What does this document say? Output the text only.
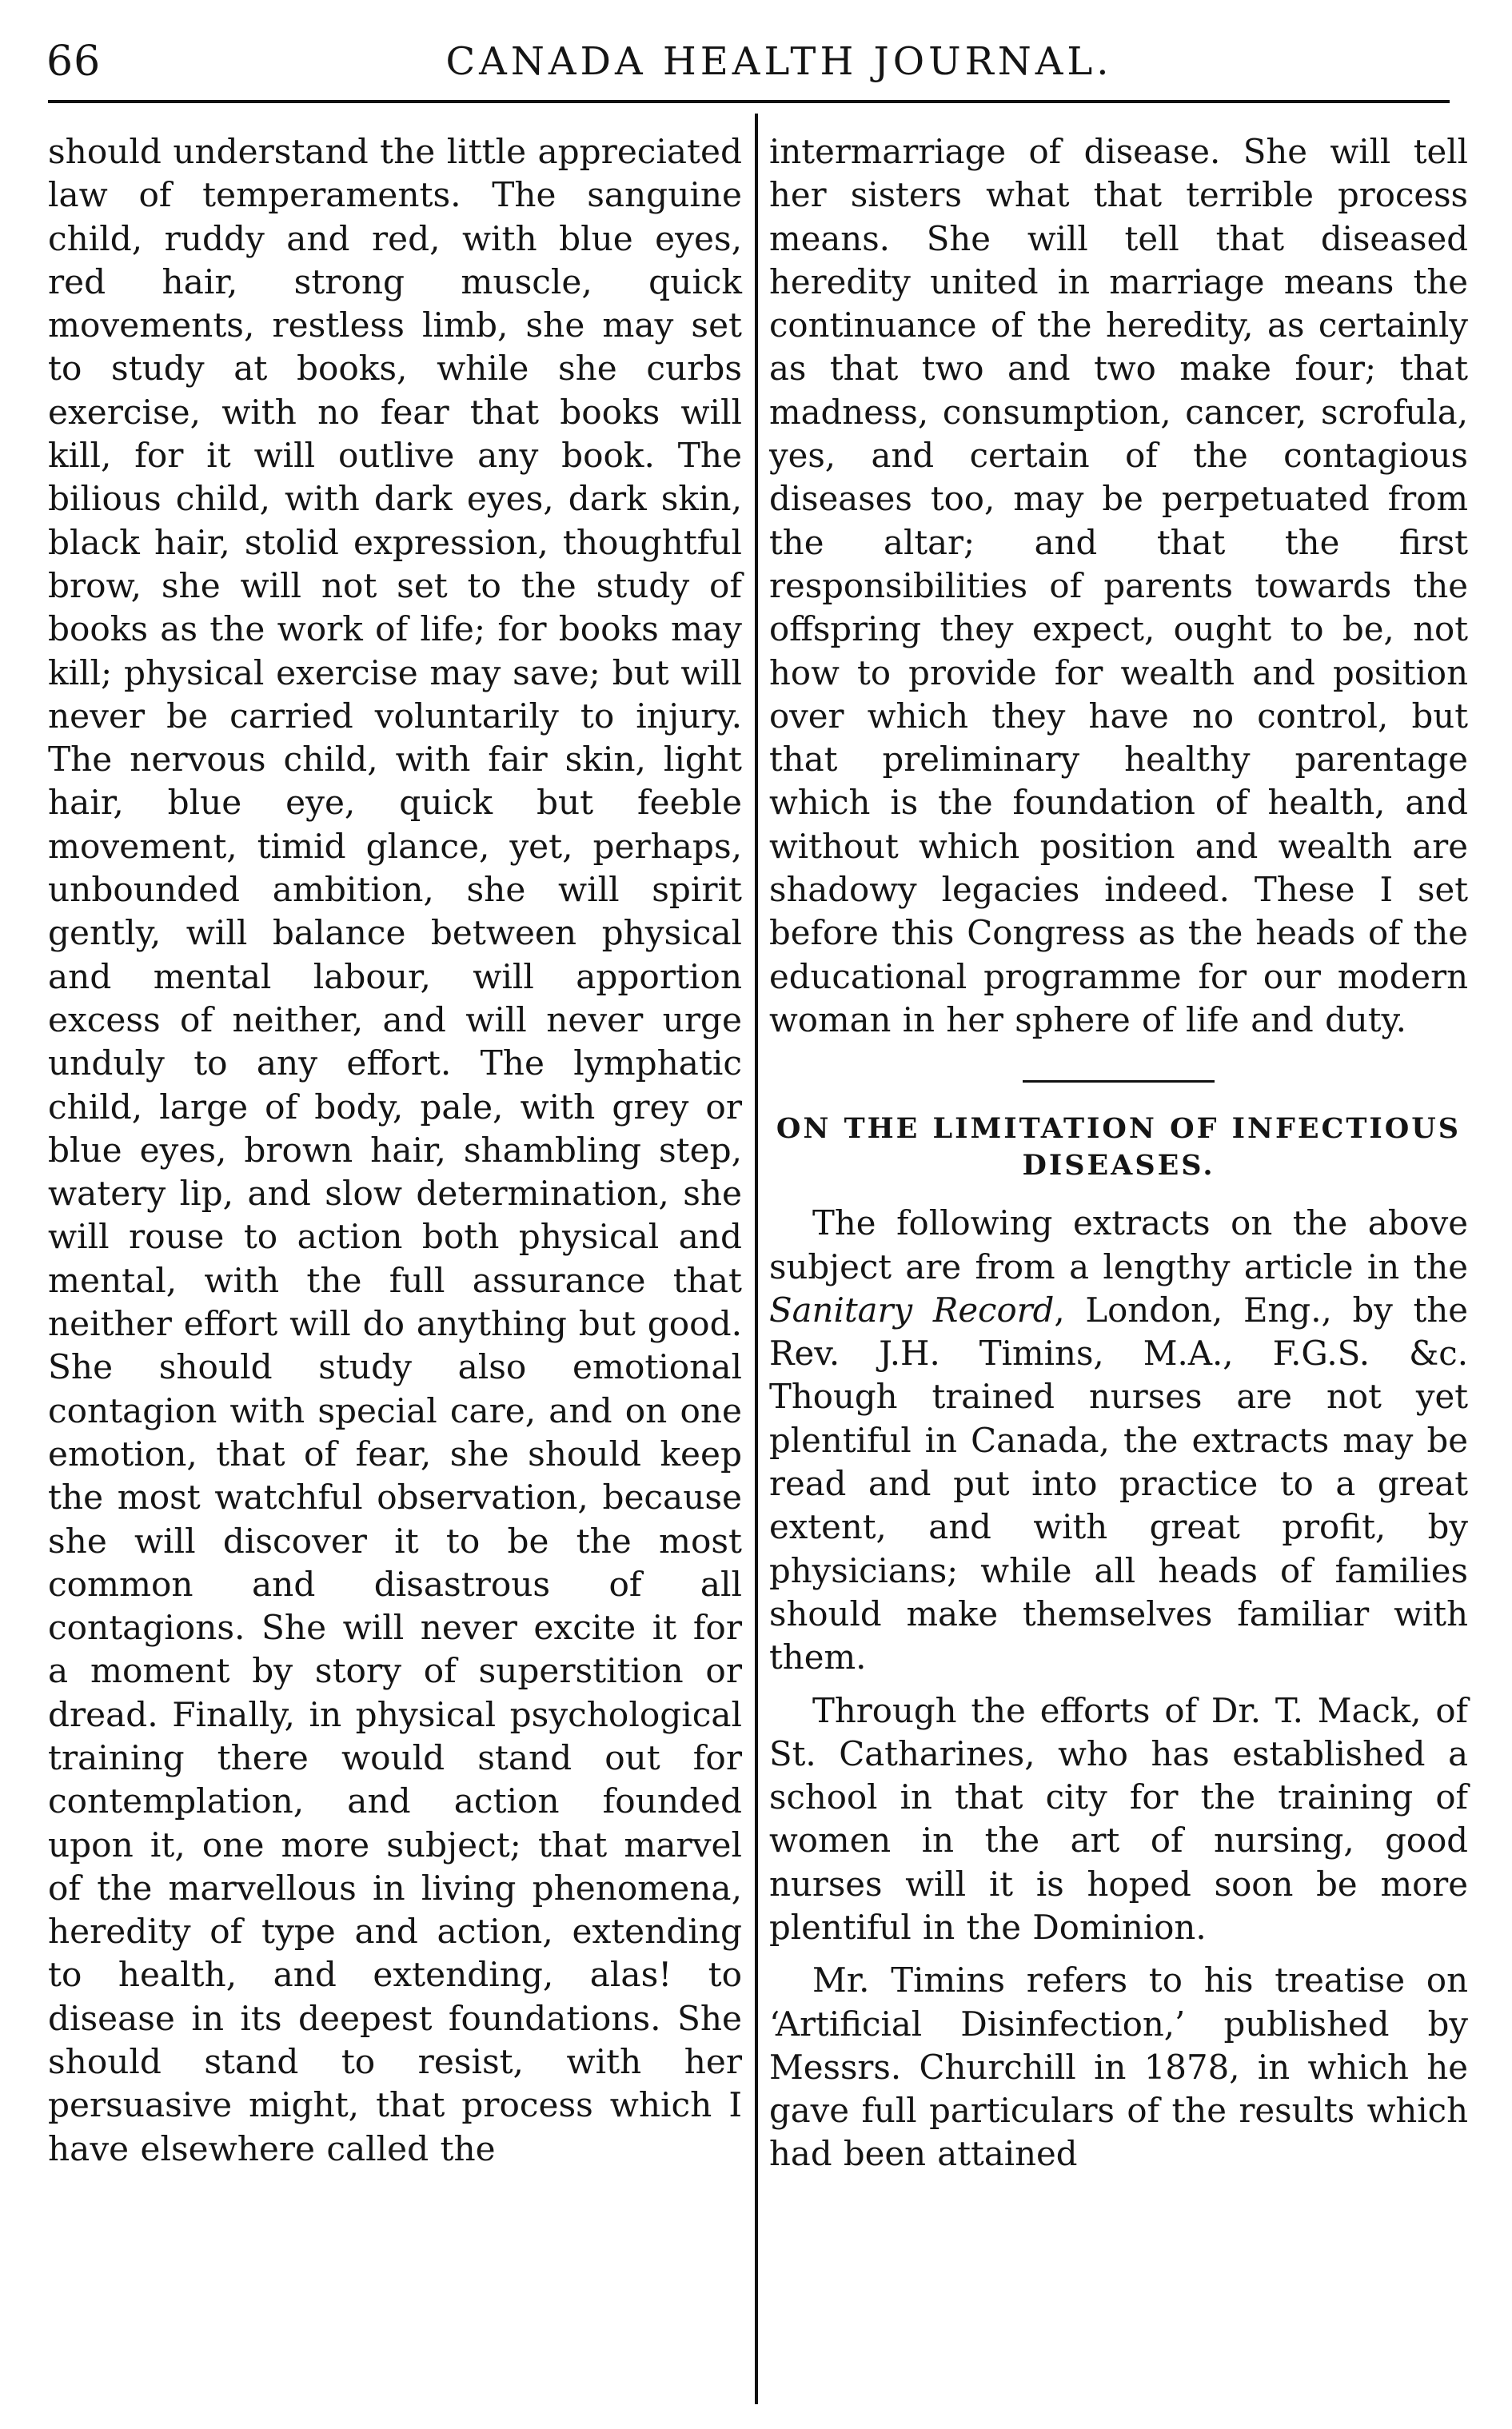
66	CANADA HEALTH JOURNAL.

should understand the little appreciated law of temperaments. The sanguine child, ruddy and red, with blue eyes, red hair, strong muscle, quick movements, restless limb, she may set to study at books, while she curbs exercise, with no fear that books will kill, for it will outlive any book. The bilious child, with dark eyes, dark skin, black hair, stolid expression, thoughtful brow, she will not set to the study of books as the work of life; for books may kill; physical exercise may save; but will never be carried voluntarily to injury. The nervous child, with fair skin, light hair, blue eye, quick but feeble movement, timid glance, yet, perhaps, unbounded ambition, she will spirit gently, will balance between physical and mental labour, will apportion excess of neither, and will never urge unduly to any effort. The lymphatic child, large of body, pale, with grey or blue eyes, brown hair, shambling step, watery lip, and slow determination, she will rouse to action both physical and mental, with the full assurance that neither effort will do anything but good. She should study also emotional contagion with special care, and on one emotion, that of fear, she should keep the most watchful observation, because she will discover it to be the most common and disastrous of all contagions. She will never excite it for a moment by story of superstition or dread. Finally, in physical psychological training there would stand out for contemplation, and action founded upon it, one more subject; that marvel of the marvellous in living phenomena, heredity of type and action, extending to health, and extending, alas! to disease in its deepest foundations. She should stand to resist, with her persuasive might, that process which I have elsewhere called the

intermarriage of disease. She will tell her sisters what that terrible process means. She will tell that diseased heredity united in marriage means the continuance of the heredity, as certainly as that two and two make four; that madness, consumption, cancer, scrofula, yes, and certain of the contagious diseases too, may be perpetuated from the altar; and that the first responsibilities of parents towards the offspring they expect, ought to be, not how to provide for wealth and position over which they have no control, but that preliminary healthy parentage which is the foundation of health, and without which position and wealth are shadowy legacies indeed. These I set before this Congress as the heads of the educational programme for our modern woman in her sphere of life and duty.

ON THE LIMITATION OF INFECTIOUS DISEASES.

The following extracts on the above subject are from a lengthy article in the Sanitary Record, London, Eng., by the Rev. J.H. Timins, M.A., F.G.S. &c. Though trained nurses are not yet plentiful in Canada, the extracts may be read and put into practice to a great extent, and with great profit, by physicians; while all heads of families should make themselves familiar with them.

Through the efforts of Dr. T. Mack, of St. Catharines, who has established a school in that city for the training of women in the art of nursing, good nurses will it is hoped soon be more plentiful in the Dominion.

Mr. Timins refers to his treatise on ‘Artificial Disinfection,’ published by Messrs. Churchill in 1878, in which he gave full particulars of the results which had been attained
